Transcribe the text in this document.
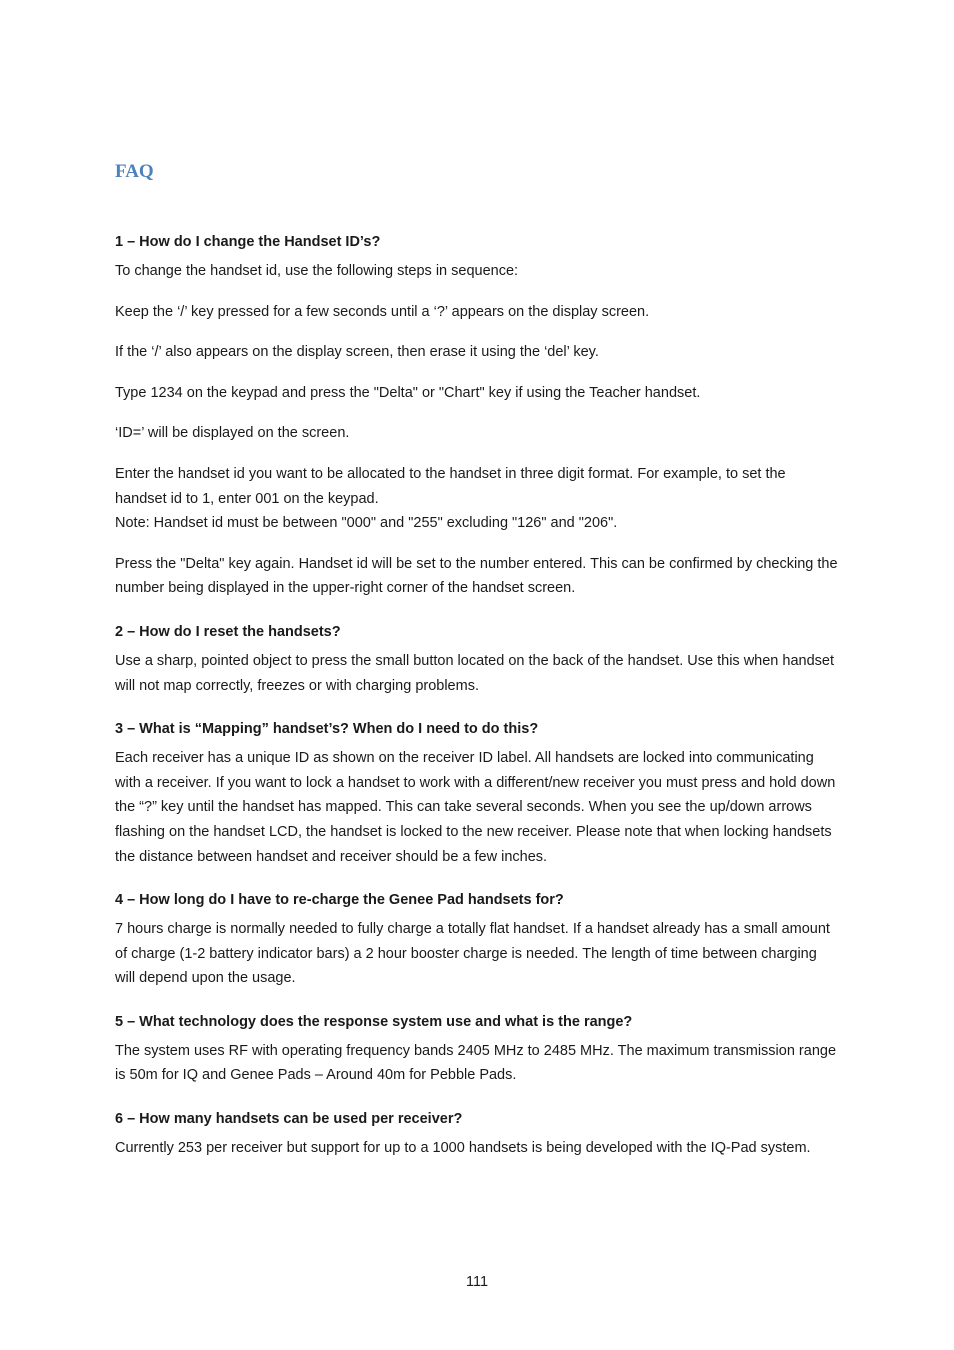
FAQ

1 – How do I change the Handset ID’s?

To change the handset id, use the following steps in sequence:

Keep the ‘/’ key pressed for a few seconds until a ‘?’ appears on the display screen.

If the ‘/’ also appears on the display screen, then erase it using the ‘del’ key.

Type 1234 on the keypad and press the "Delta" or "Chart" key if using the Teacher handset.

‘ID=’ will be displayed on the screen.

Enter the handset id you want to be allocated to the handset in three digit format. For example, to set the handset id to 1, enter 001 on the keypad.

Note: Handset id must be between "000" and "255" excluding "126" and "206".

Press the "Delta" key again. Handset id will be set to the number entered. This can be confirmed by checking the number being displayed in the upper-right corner of the handset screen.

2 – How do I reset the handsets?

Use a sharp, pointed object to press the small button located on the back of the handset. Use this when handset will not map correctly, freezes or with charging problems.

3 – What is “Mapping” handset’s? When do I need to do this?

Each receiver has a unique ID as shown on the receiver ID label. All handsets are locked into communicating with a receiver. If you want to lock a handset to work with a different/new receiver you must press and hold down the “?” key until the handset has mapped. This can take several seconds. When you see the up/down arrows flashing on the handset LCD, the handset is locked to the new receiver. Please note that when locking handsets the distance between handset and receiver should be a few inches.

4 – How long do I have to re-charge the Genee Pad handsets for?

7 hours charge is normally needed to fully charge a totally flat handset. If a handset already has a small amount of charge (1-2 battery indicator bars) a 2 hour booster charge is needed. The length of time between charging will depend upon the usage.

5 – What technology does the response system use and what is the range?

The system uses RF with operating frequency bands 2405 MHz to 2485 MHz. The maximum transmission range is 50m for IQ and Genee Pads – Around 40m for Pebble Pads.

6 – How many handsets can be used per receiver?

Currently 253 per receiver but support for up to a 1000 handsets is being developed with the IQ-Pad system.

111
